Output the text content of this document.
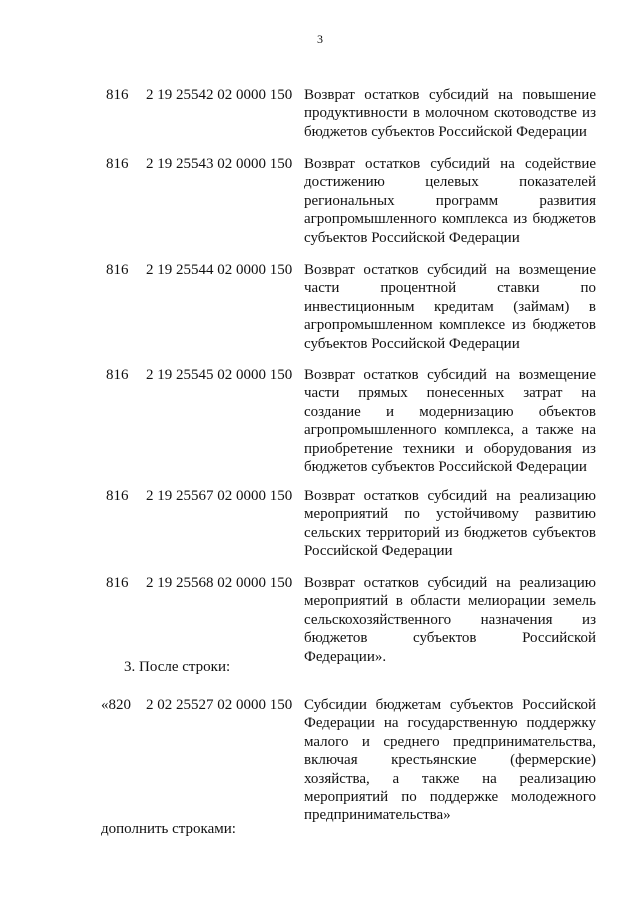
3
816 2 19 25542 02 0000 150 Возврат остатков субсидий на повышение продуктивности в молочном скотоводстве из бюджетов субъектов Российской Федерации
816 2 19 25543 02 0000 150 Возврат остатков субсидий на содействие достижению целевых показателей региональных программ развития агропромышленного комплекса из бюджетов субъектов Российской Федерации
816 2 19 25544 02 0000 150 Возврат остатков субсидий на возмещение части процентной ставки по инвестиционным кредитам (займам) в агропромышленном комплексе из бюджетов субъектов Российской Федерации
816 2 19 25545 02 0000 150 Возврат остатков субсидий на возмещение части прямых понесенных затрат на создание и модернизацию объектов агропромышленного комплекса, а также на приобретение техники и оборудования из бюджетов субъектов Российской Федерации
816 2 19 25567 02 0000 150 Возврат остатков субсидий на реализацию мероприятий по устойчивому развитию сельских территорий из бюджетов субъектов Российской Федерации
816 2 19 25568 02 0000 150 Возврат остатков субсидий на реализацию мероприятий в области мелиорации земель сельскохозяйственного назначения из бюджетов субъектов Российской Федерации».
3. После строки:
«820 2 02 25527 02 0000 150 Субсидии бюджетам субъектов Российской Федерации на государственную поддержку малого и среднего предпринимательства, включая крестьянские (фермерские) хозяйства, а также на реализацию мероприятий по поддержке молодежного предпринимательства»
дополнить строками:
